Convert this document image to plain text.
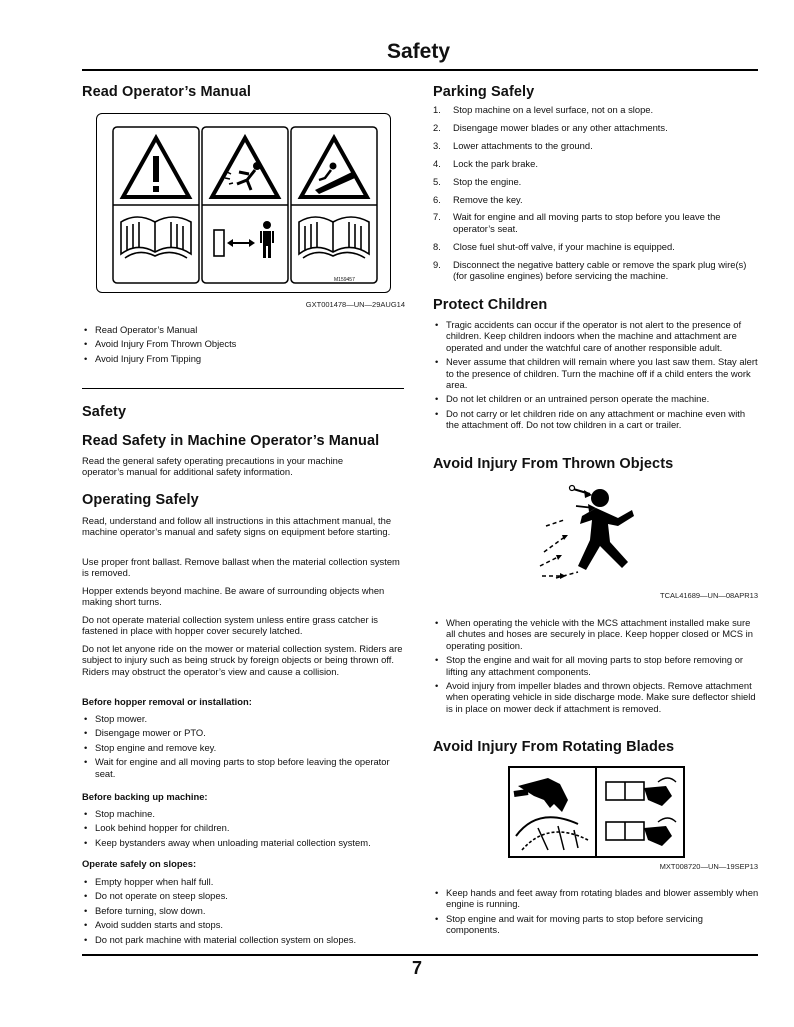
Safety
Read Operator’s Manual
M159457
GXT001478—UN—29AUG14
• Read Operator’s Manual
• Avoid Injury From Thrown Objects
• Avoid Injury From Tipping
Safety
Read Safety in Machine Operator’s Manual

Read the general safety operating precautions in your machine operator’s manual for additional safety information.

Operating Safely

Read, understand and follow all instructions in this attachment manual, the machine operator’s manual and safety signs on equipment before starting.

Use proper front ballast. Remove ballast when the material collection system is removed.

Hopper extends beyond machine. Be aware of surrounding objects when making short turns.

Do not operate material collection system unless entire grass catcher is fastened in place with hopper cover securely latched.

Do not let anyone ride on the mower or material collection system. Riders are subject to injury such as being struck by foreign objects or being thrown off. Riders may obstruct the operator’s view and cause a collision.

Before hopper removal or installation:
• Stop mower.
• Disengage mower or PTO.
• Stop engine and remove key.
• Wait for engine and all moving parts to stop before leaving the operator seat.
Before backing up machine:
• Stop machine.
• Look behind hopper for children.
• Keep bystanders away when unloading material collection system.
Operate safely on slopes:
• Empty hopper when half full.
• Do not operate on steep slopes.
• Before turning, slow down.
• Avoid sudden starts and stops.
• Do not park machine with material collection system on slopes.
Parking Safely
1. Stop machine on a level surface, not on a slope.
2. Disengage mower blades or any other attachments.
3. Lower attachments to the ground.
4. Lock the park brake.
5. Stop the engine.
6. Remove the key.
7. Wait for engine and all moving parts to stop before you leave the operator’s seat.
8. Close fuel shut-off valve, if your machine is equipped.
9. Disconnect the negative battery cable or remove the spark plug wire(s) (for gasoline engines) before servicing the machine.
Protect Children
• Tragic accidents can occur if the operator is not alert to the presence of children. Keep children indoors when the machine and attachment are operated and under the watchful care of another responsible adult.
• Never assume that children will remain where you last saw them. Stay alert to the presence of children. Turn the machine off if a child enters the work area.
• Do not let children or an untrained person operate the machine.
• Do not carry or let children ride on any attachment or machine even with the attachment off. Do not tow children in a cart or trailer.
Avoid Injury From Thrown Objects
TCAL41689—UN—08APR13
• When operating the vehicle with the MCS attachment installed make sure all chutes and hoses are securely in place. Keep hopper closed or MCS in operating position.
• Stop the engine and wait for all moving parts to stop before removing or lifting any attachment components.
• Avoid injury from impeller blades and thrown objects. Remove attachment when operating vehicle in side discharge mode. Make sure deflector shield is in place on mower deck if attachment is removed.
Avoid Injury From Rotating Blades
MXT008720—UN—19SEP13
• Keep hands and feet away from rotating blades and blower assembly when engine is running.
• Stop engine and wait for moving parts to stop before servicing components.
7
